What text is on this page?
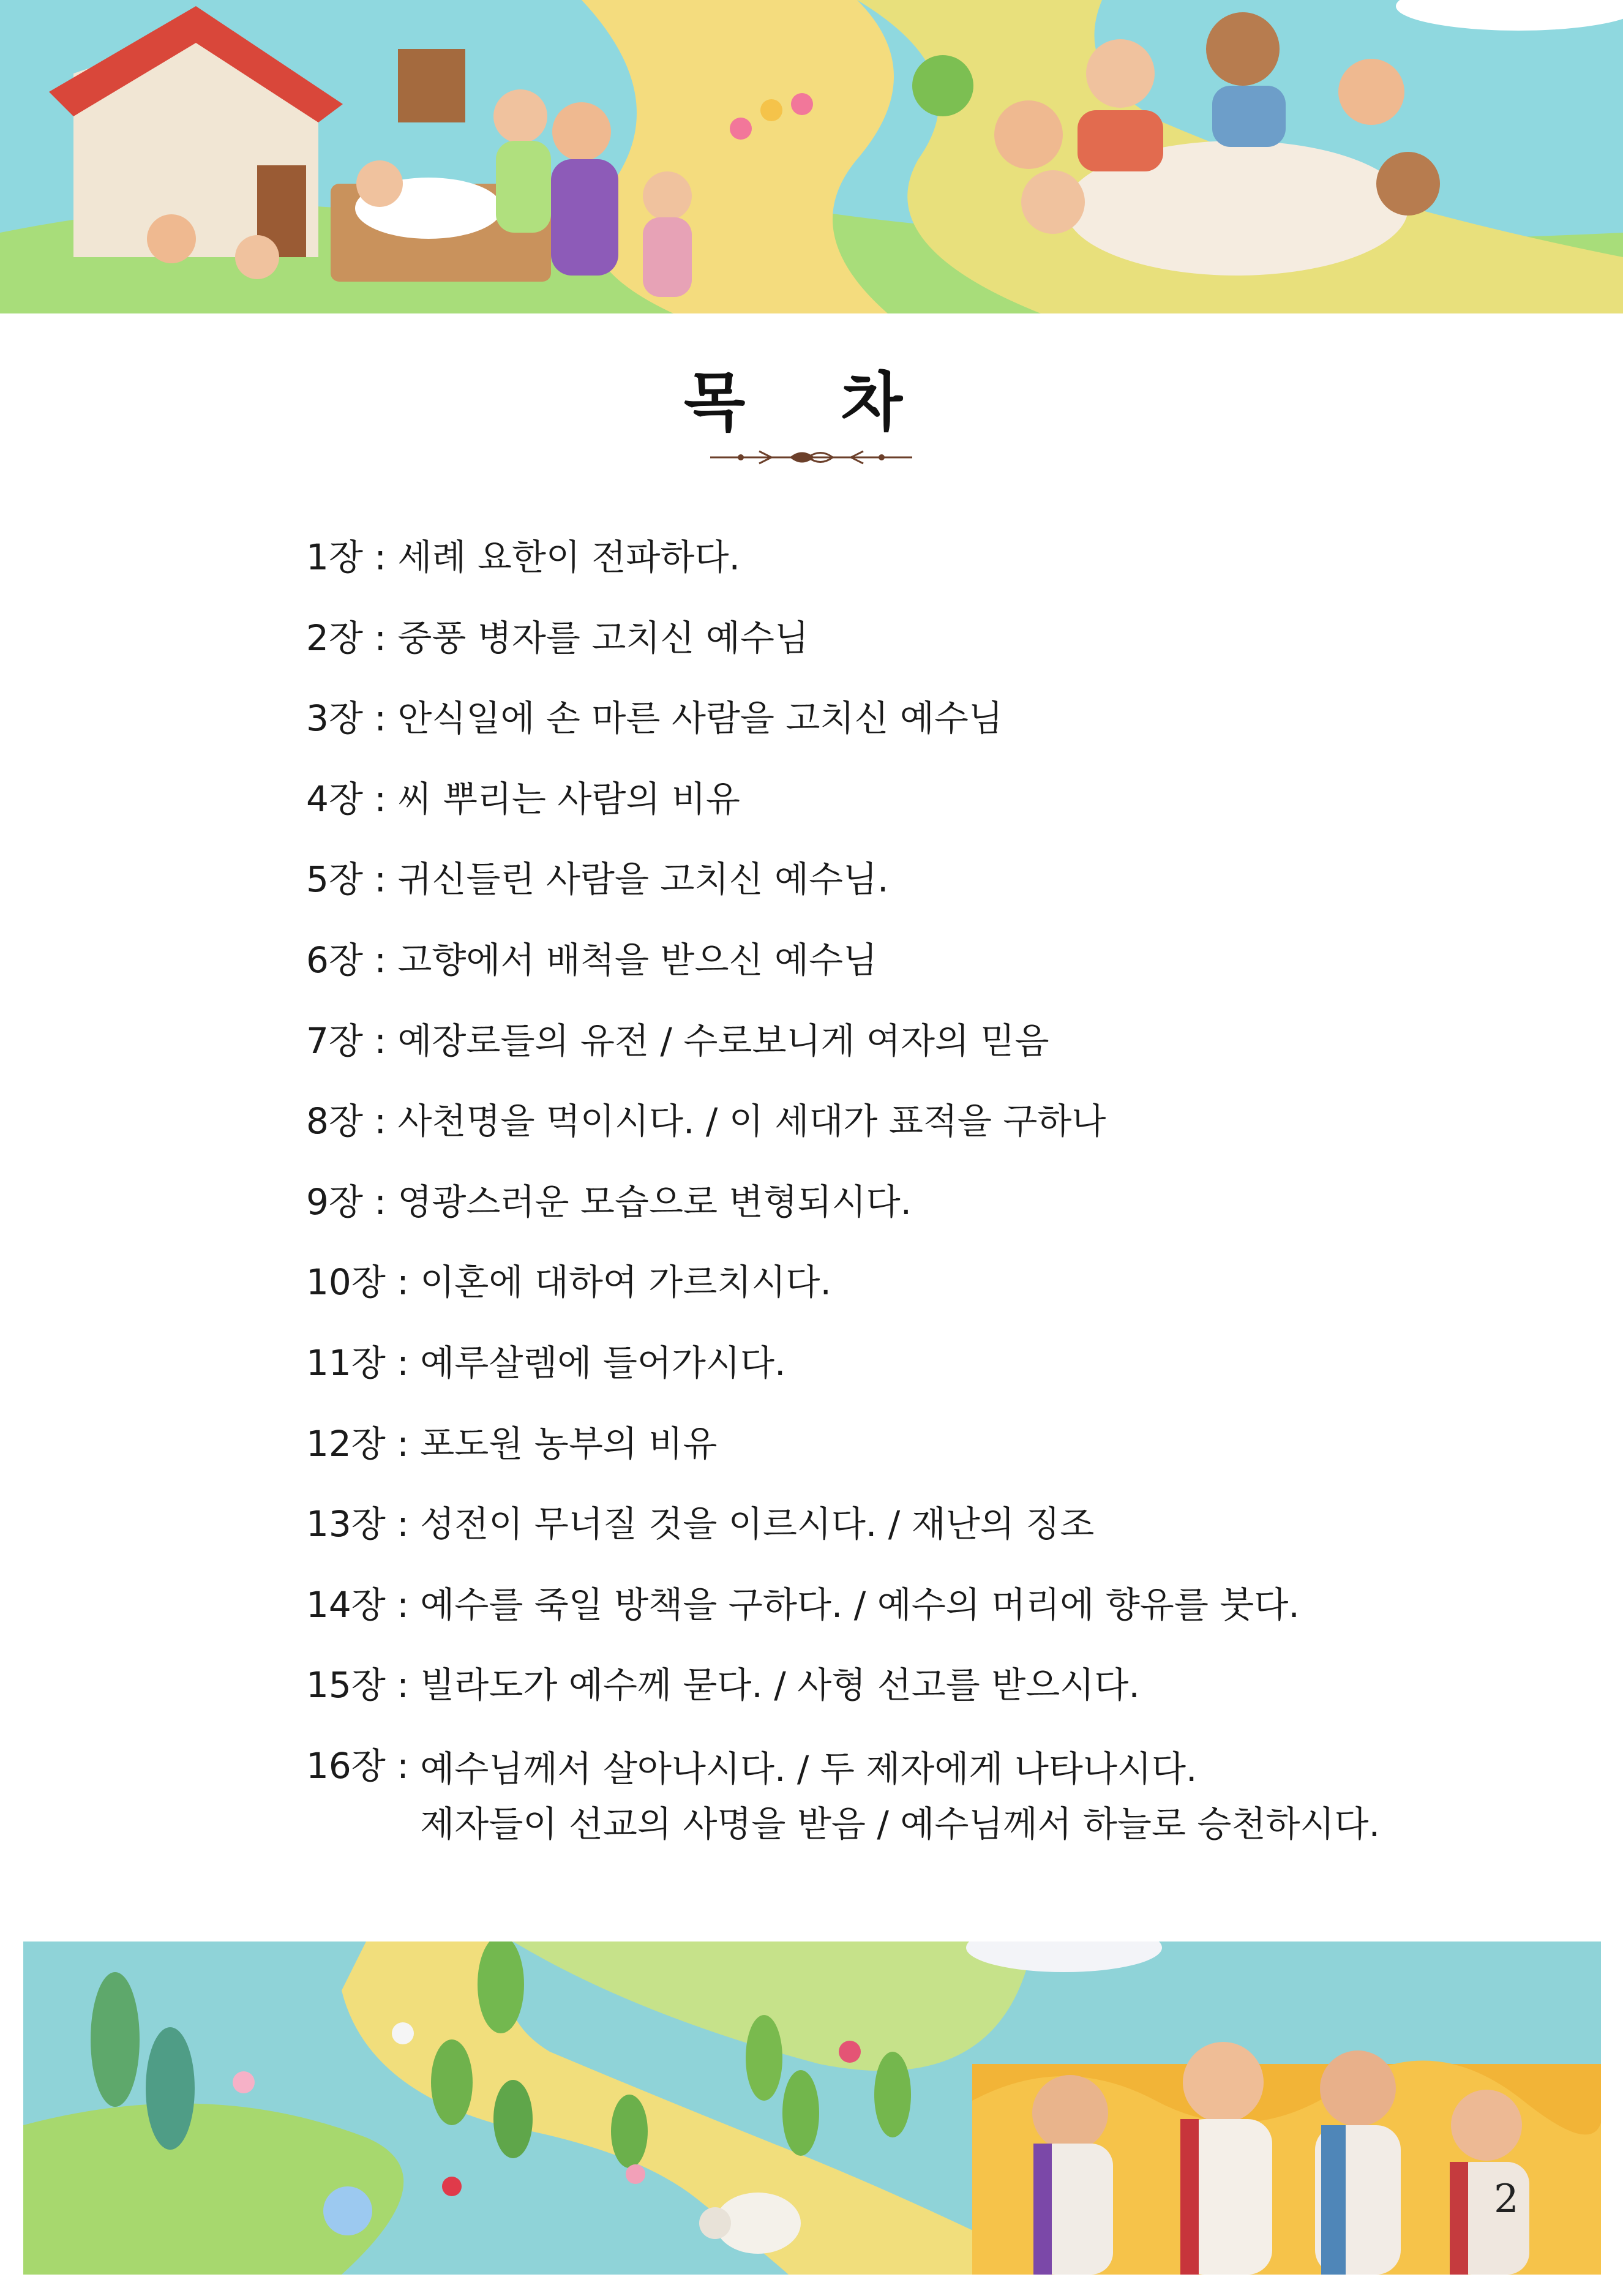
목 차
1장 : 세례 요한이 전파하다.
2장 : 중풍 병자를 고치신 예수님
3장 : 안식일에 손 마른 사람을 고치신 예수님
4장 : 씨 뿌리는 사람의 비유
5장 : 귀신들린 사람을 고치신 예수님.
6장 : 고향에서 배척을 받으신 예수님
7장 : 예장로들의 유전 / 수로보니게 여자의 믿음
8장 : 사천명을 먹이시다. / 이 세대가 표적을 구하나
9장 : 영광스러운 모습으로 변형되시다.
10장 : 이혼에 대하여 가르치시다.
11장 : 예루살렘에 들어가시다.
12장 : 포도원 농부의 비유
13장 : 성전이 무너질 것을 이르시다. / 재난의 징조
14장 : 예수를 죽일 방책을 구하다. / 예수의 머리에 향유를 붓다.
15장 : 빌라도가 예수께 묻다. / 사형 선고를 받으시다.
16장 : 예수님께서 살아나시다. / 두 제자에게 나타나시다.
제자들이 선교의 사명을 받음 / 예수님께서 하늘로 승천하시다.
2
